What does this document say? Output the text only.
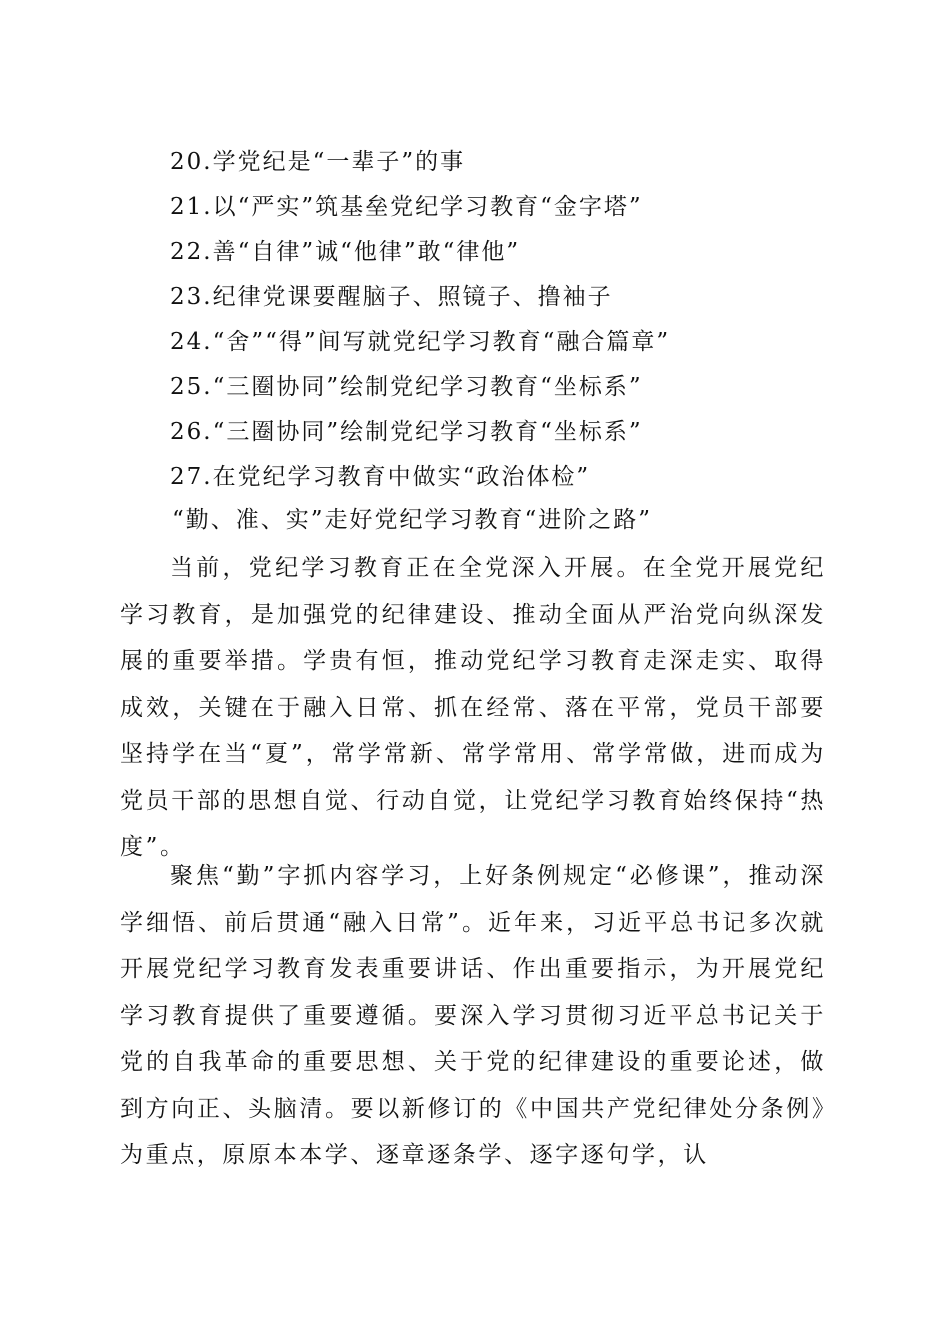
20.学党纪是“一辈子”的事
21.以“严实”筑基垒党纪学习教育“金字塔”
22.善“自律”诚“他律”敢“律他”
23.纪律党课要醒脑子、照镜子、撸袖子
24.“舍”“得”间写就党纪学习教育“融合篇章”
25.“三圈协同”绘制党纪学习教育“坐标系”
26.“三圈协同”绘制党纪学习教育“坐标系”
27.在党纪学习教育中做实“政治体检”
“勤、准、实”走好党纪学习教育“进阶之路”

当前，党纪学习教育正在全党深入开展。在全党开展党纪学习教育，是加强党的纪律建设、推动全面从严治党向纵深发展的重要举措。学贵有恒，推动党纪学习教育走深走实、取得成效，关键在于融入日常、抓在经常、落在平常，党员干部要坚持学在当“夏”，常学常新、常学常用、常学常做，进而成为党员干部的思想自觉、行动自觉，让党纪学习教育始终保持“热度”。

聚焦“勤”字抓内容学习，上好条例规定“必修课”，推动深学细悟、前后贯通“融入日常”。近年来，习近平总书记多次就开展党纪学习教育发表重要讲话、作出重要指示，为开展党纪学习教育提供了重要遵循。要深入学习贯彻习近平总书记关于党的自我革命的重要思想、关于党的纪律建设的重要论述，做到方向正、头脑清。要以新修订的《中国共产党纪律处分条例》为重点，原原本本学、逐章逐条学、逐字逐句学，认
